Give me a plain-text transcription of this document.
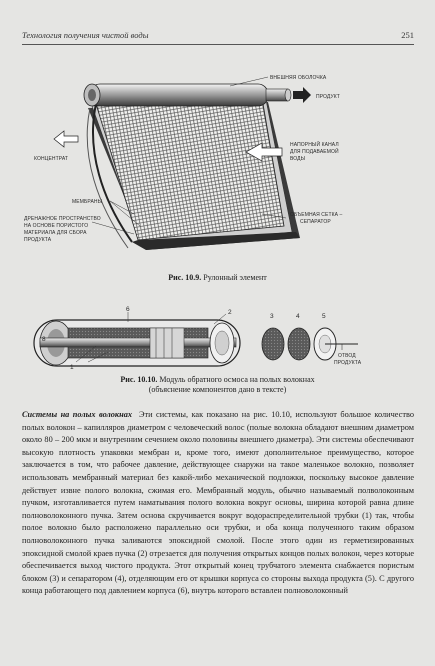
Технология получения чистой воды	251
ВНЕШНЯЯ ОБОЛОЧКА
ПРОДУКТ
КОНЦЕНТРАТ
НАПОРНЫЙ КАНАЛ
ДЛЯ ПОДАВАЕМОЙ
ВОДЫ
МЕМБРАНЫ
ДРЕНАЖНОЕ ПРОСТРАНСТВО
НА ОСНОВЕ ПОРИСТОГО
МАТЕРИАЛА ДЛЯ СБОРА
ПРОДУКТА
ОБЪЕМНАЯ СЕТКА –
СЕПАРАТОР
6	2
3	4	5
8
1
ОТВОД
ПРОДУКТА
Рис. 10.9. Рулонный элемент
Рис. 10.10. Модуль обратного осмоса на полых волокнах
(объяснение компонентов дано в тексте)

Системы на полых волокнах Эти системы, как показано на рис. 10.10, используют большое количество полых волокон – капилляров диаметром с человеческий волос (полые волокна обладают внешним диаметром около 80 – 200 мкм и внутренним сечением около половины внешнего диаметра). Эти системы обеспечивают высокую плотность упаковки мембран и, кроме того, имеют дополнительное преимущество, которое заключается в том, что рабочее давление, действующее снаружи на такое маленькое волокно, позволяет использовать мембранный материал без какой-либо механической подложки, поскольку высокое давление действует извне полого волокна, сжимая его. Мембранный модуль, обычно называемый полволоконным пучком, изготавливается путем наматывания полого волокна вокруг основы, ширина которой равна длине полноволоконного пучка. Затем основа скручивается вокруг водораспределительной трубки (1) так, чтобы полое волокно было расположено параллельно оси трубки, и оба конца полученного таким образом полноволоконного пучка заливаются эпоксидной смолой. После этого один из герметизированных эпоксидной смолой краев пучка (2) отрезается для получения открытых концов полых волокон, через которые обеспечивается выход чистого продукта. Этот открытый конец трубчатого элемента снабжается пористым блоком (3) и сепаратором (4), отделяющим его от крышки корпуса со стороны выхода продукта (5). С другого конца работающего под давлением корпуса (6), внутрь которого вставлен полноволоконный
